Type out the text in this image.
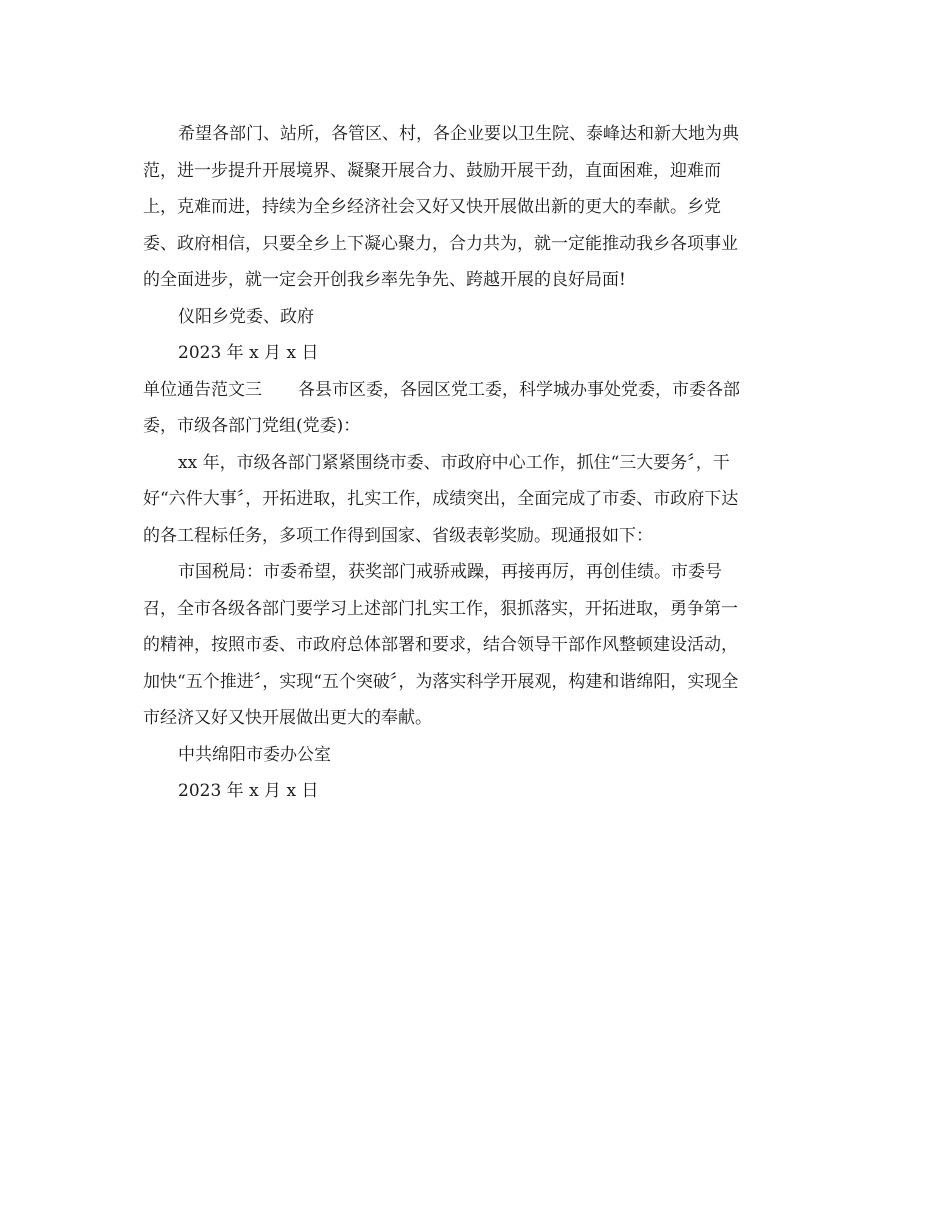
希望各部门、站所，各管区、村，各企业要以卫生院、泰峰达和新大地为典
范，进一步提升开展境界、凝聚开展合力、鼓励开展干劲，直面困难，迎难而
上，克难而进，持续为全乡经济社会又好又快开展做出新的更大的奉献。乡党
委、政府相信，只要全乡上下凝心聚力，合力共为，就一定能推动我乡各项事业
的全面进步，就一定会开创我乡率先争先、跨越开展的良好局面!
仪阳乡党委、政府
2023 年 x 月 x 日
单位通告范文三 各县市区委，各园区党工委，科学城办事处党委，市委各部
委，市级各部门党组(党委)：
xx 年，市级各部门紧紧围绕市委、市政府中心工作，抓住“三大要务〞，干
好“六件大事〞，开拓进取，扎实工作，成绩突出，全面完成了市委、市政府下达
的各工程标任务，多项工作得到国家、省级表彰奖励。现通报如下：
市国税局：市委希望，获奖部门戒骄戒躁，再接再厉，再创佳绩。市委号
召，全市各级各部门要学习上述部门扎实工作，狠抓落实，开拓进取，勇争第一
的精神，按照市委、市政府总体部署和要求，结合领导干部作风整顿建设活动，
加快“五个推进〞，实现“五个突破〞，为落实科学开展观，构建和谐绵阳，实现全
市经济又好又快开展做出更大的奉献。
中共绵阳市委办公室
2023 年 x 月 x 日
